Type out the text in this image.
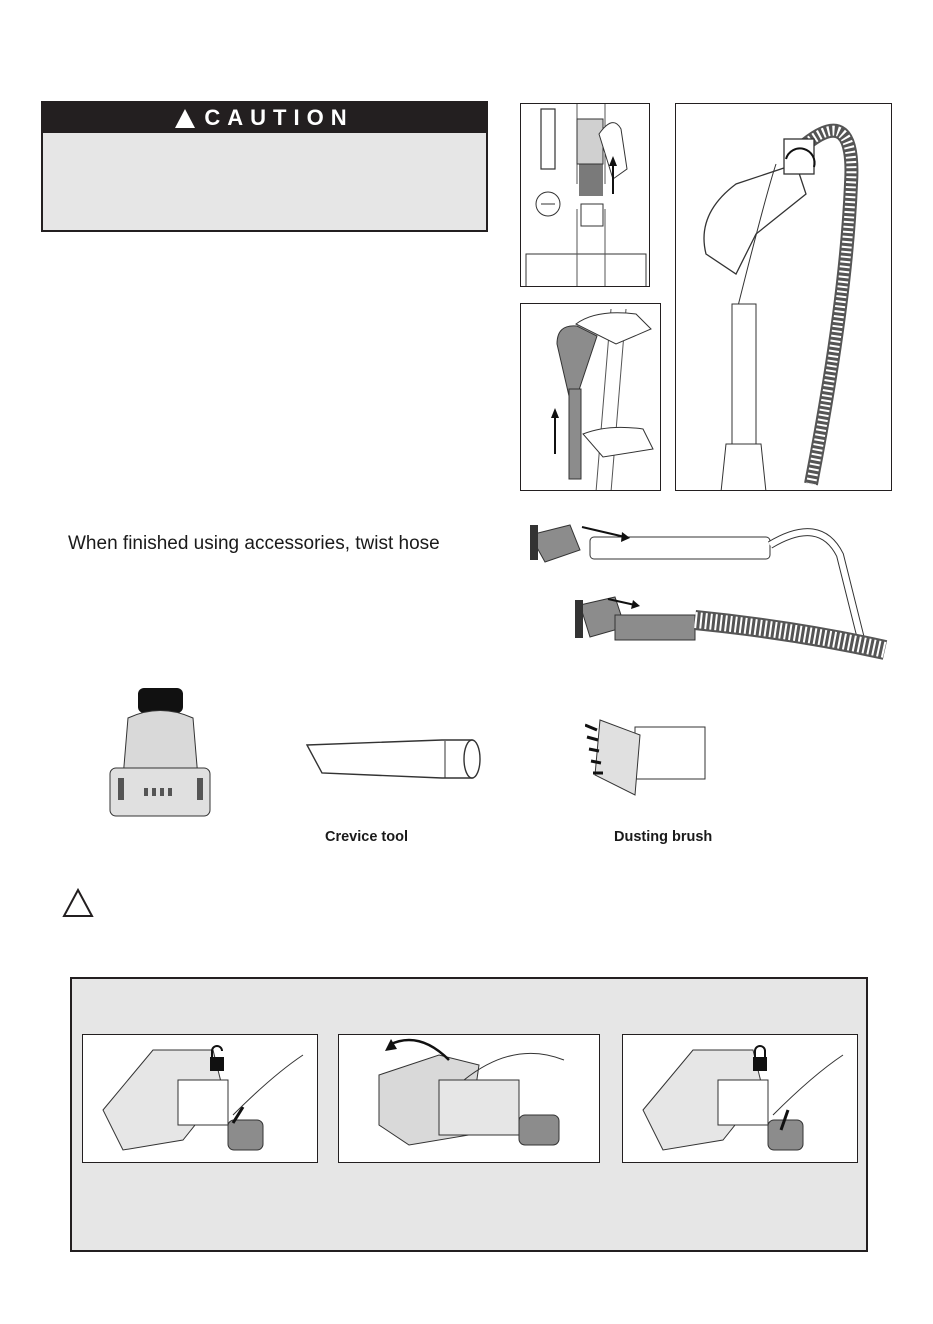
CAUTION
When finished using accessories, twist hose
Crevice tool	Dusting brush
